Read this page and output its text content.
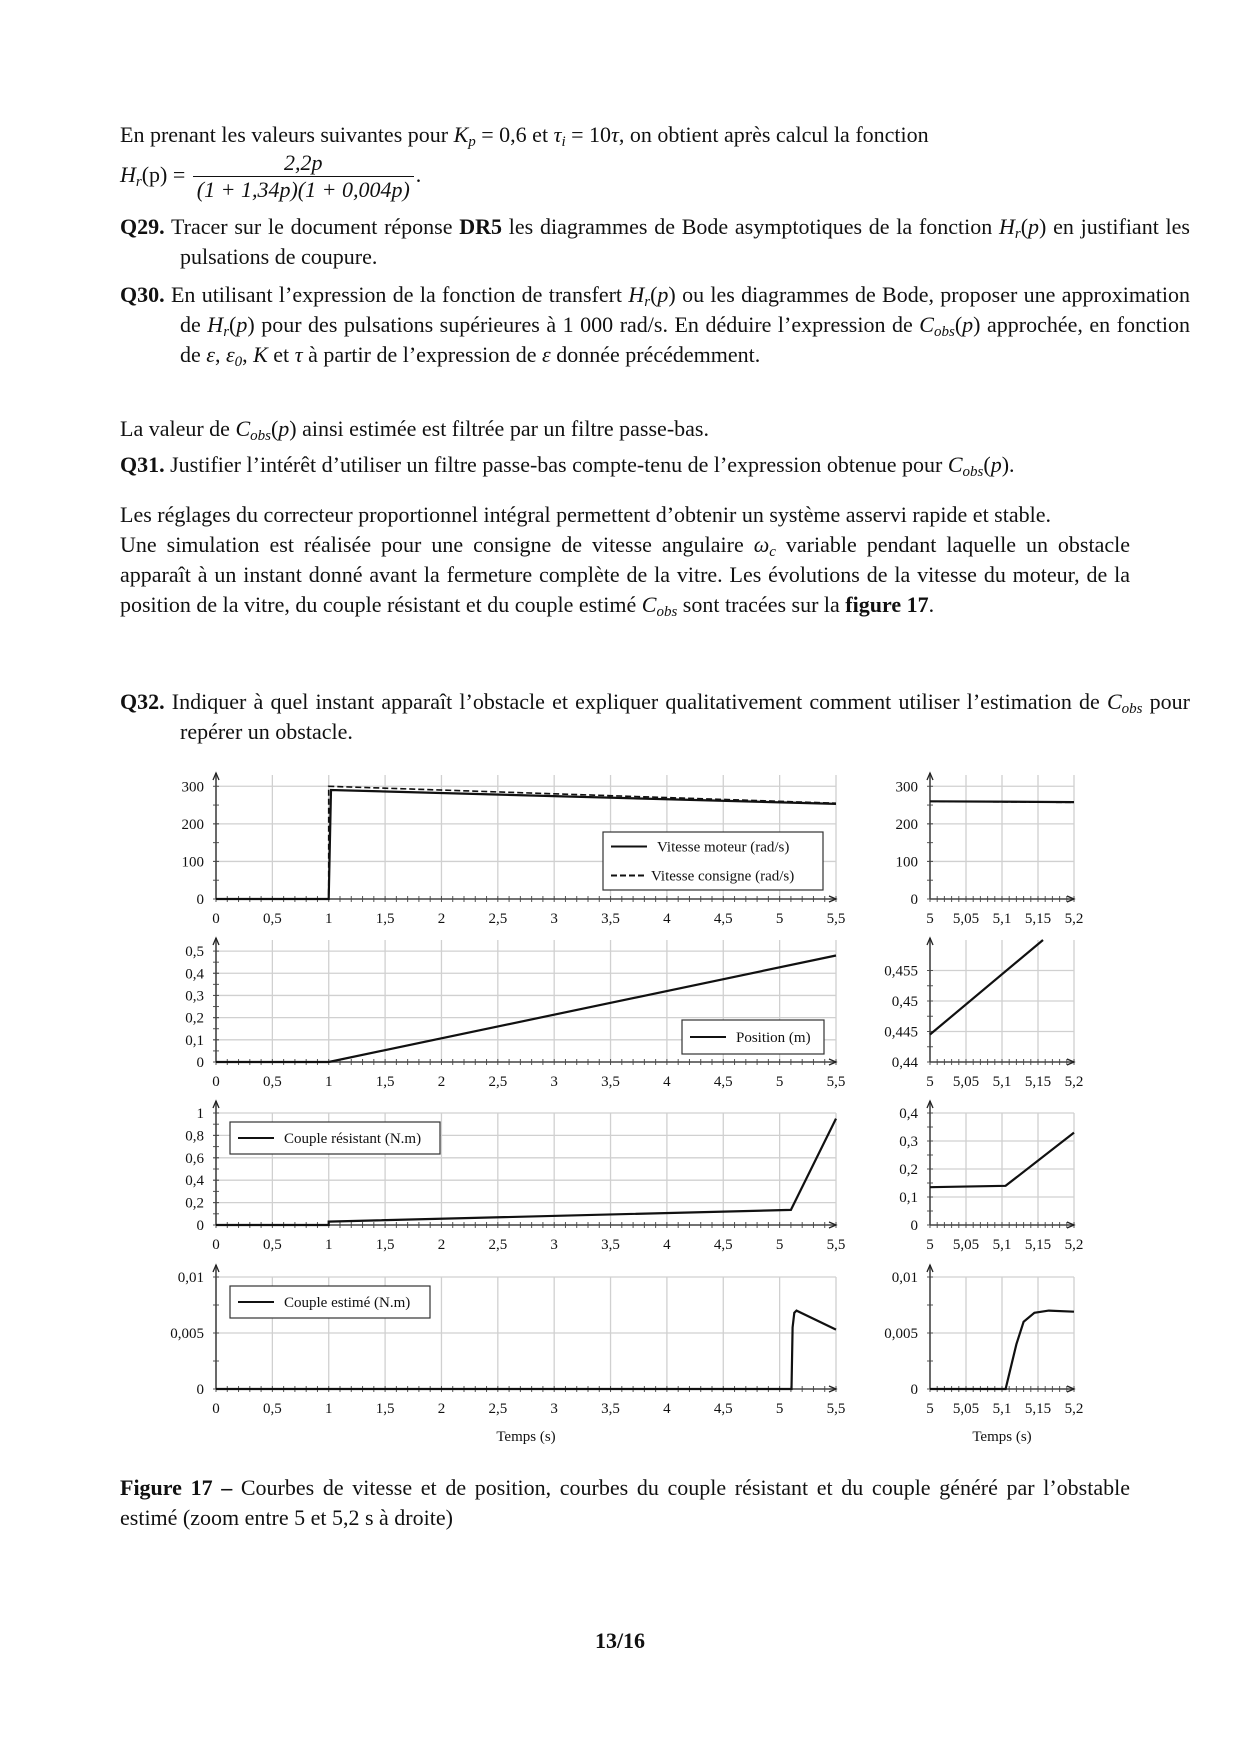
En prenant les valeurs suivantes pour $K_p = 0,6$ et $\tau_i = 10\tau$, on obtient après calcul la fonction
$H_r(p) = \frac{2,2p}{(1 + 1,34p)(1 + 0,004p)}$ .
Q29. Tracer sur le document réponse DR5 les diagrammes de Bode asymptotiques de la fonction $H_r(p)$ en justifiant les pulsations de coupure.
Q30. En utilisant l’expression de la fonction de transfert $H_r(p)$ ou les diagrammes de Bode, proposer une approximation de $H_r(p)$ pour des pulsations supérieures à 1 000 rad/s. En déduire l’expression de $C_{obs}(p)$ approchée, en fonction de ε, $\varepsilon_0$, K et τ à partir de l’expression de ε donnée précédemment.
La valeur de $C_{obs}(p)$ ainsi estimée est filtrée par un filtre passe-bas.
Q31. Justifier l’intérêt d’utiliser un filtre passe-bas compte-tenu de l’expression obtenue pour $C_{obs}(p)$.
Les réglages du correcteur proportionnel intégral permettent d’obtenir un système asservi rapide et stable.
Une simulation est réalisée pour une consigne de vitesse angulaire $\omega_c$ variable pendant laquelle un obstacle apparaît à un instant donné avant la fermeture complète de la vitre. Les évolutions de la vitesse du moteur, de la position de la vitre, du couple résistant et du couple estimé $C_{obs}$ sont tracées sur la figure 17.
Q32. Indiquer à quel instant apparaît l’obstacle et expliquer qualitativement comment utiliser l’estimation de $C_{obs}$ pour repérer un obstacle.
0	0,5	1	1,5	2	2,5	3	3,5	4	4,5	5	5,5
0
100
200
300
Vitesse moteur (rad/s)
Vitesse consigne (rad/s)
5 5,05 5,1 5,15 5,2
0
100
200
300
0	0,5	1	1,5	2	2,5	3	3,5	4	4,5	5	5,5
0
0,1
0,2
0,3
0,4
0,5
Position (m)
5 5,05 5,1 5,15 5,2
0,44
0,445
0,45
0,455
0	0,5	1	1,5	2	2,5	3	3,5	4	4,5	5	5,5
0
0,2
0,4
0,6
0,8
1
Couple résistant (N.m)
5 5,05 5,1 5,15 5,2
0
0,1
0,2
0,3
0,4
0	0,5	1	1,5	2	2,5	3	3,5	4	4,5	5	5,5
0
0,005
0,01
Temps (s)
Couple estimé (N.m)
5 5,05 5,1 5,15 5,2
0
0,005
0,01
Temps (s)
Figure 17 – Courbes de vitesse et de position, courbes du couple résistant et du couple généré par l’obstable estimé (zoom entre 5 et 5,2 s à droite)
13/16
